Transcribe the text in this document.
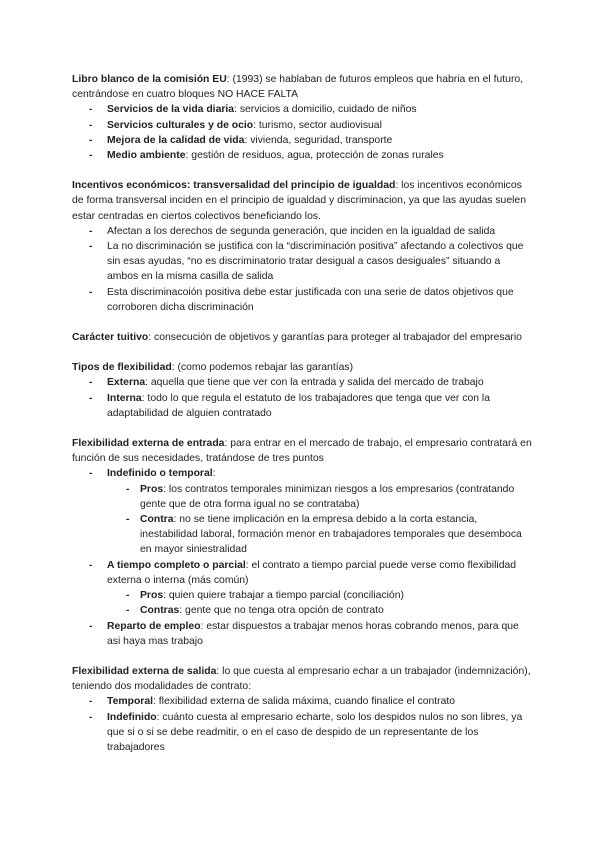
Libro blanco de la comisión EU: (1993) se hablaban de futuros empleos que habria en el futuro, centrándose en cuatro bloques NO HACE FALTA

- Servicios de la vida diaria: servicios a domicilio, cuidado de niños
- Servicios culturales y de ocio: turismo, sector audiovisual
- Mejora de la calidad de vida: vivienda, seguridad, transporte
- Medio ambiente: gestión de residuos, agua, protección de zonas rurales

Incentivos económicos: transversalidad del principio de igualdad: los incentivos económicos de forma transversal inciden en el principio de igualdad y discriminacion, ya que las ayudas suelen estar centradas en ciertos colectivos beneficiando los.

- Afectan a los derechos de segunda generación, que inciden en la igualdad de salida
- La no discriminación se justifica con la “discriminación positiva” afectando a colectivos que sin esas ayudas, “no es discriminatorio tratar desigual a casos desiguales” situando a ambos en la misma casilla de salida
- Esta discriminacoión positiva debe estar justificada con una serie de datos objetivos que corroboren dicha discriminación

Carácter tuitivo: consecución de objetivos y garantías para proteger al trabajador del empresario

Tipos de flexibilidad: (como podemos rebajar las garantías)

- Externa: aquella que tiene que ver con la entrada y salida del mercado de trabajo
- Interna: todo lo que regula el estatuto de los trabajadores que tenga que ver con la adaptabilidad de alguien contratado

Flexibilidad externa de entrada: para entrar en el mercado de trabajo, el empresario contratará en función de sus necesidades, tratándose de tres puntos

- Indefinido o temporal:
- Pros: los contratos temporales minimizan riesgos a los empresarios (contratando gente que de otra forma igual no se contrataba)
- Contra: no se tiene implicación en la empresa debido a la corta estancia, inestabilidad laboral, formación menor en trabajadores temporales que desemboca en mayor siniestralidad
- A tiempo completo o parcial: el contrato a tiempo parcial puede verse como flexibilidad externa o interna (más común)
- Pros: quien quiere trabajar a tiempo parcial (conciliación)
- Contras: gente que no tenga otra opción de contrato
- Reparto de empleo: estar dispuestos a trabajar menos horas cobrando menos, para que asi haya mas trabajo

Flexibilidad externa de salida: lo que cuesta al empresario echar a un trabajador (indemnización), teniendo dos modalidades de contrato:

- Temporal: flexibilidad externa de salida máxima, cuando finalice el contrato
- Indefinido: cuánto cuesta al empresario echarte, solo los despidos nulos no son libres, ya que si o si se debe readmitir, o en el caso de despido de un representante de los trabajadores
